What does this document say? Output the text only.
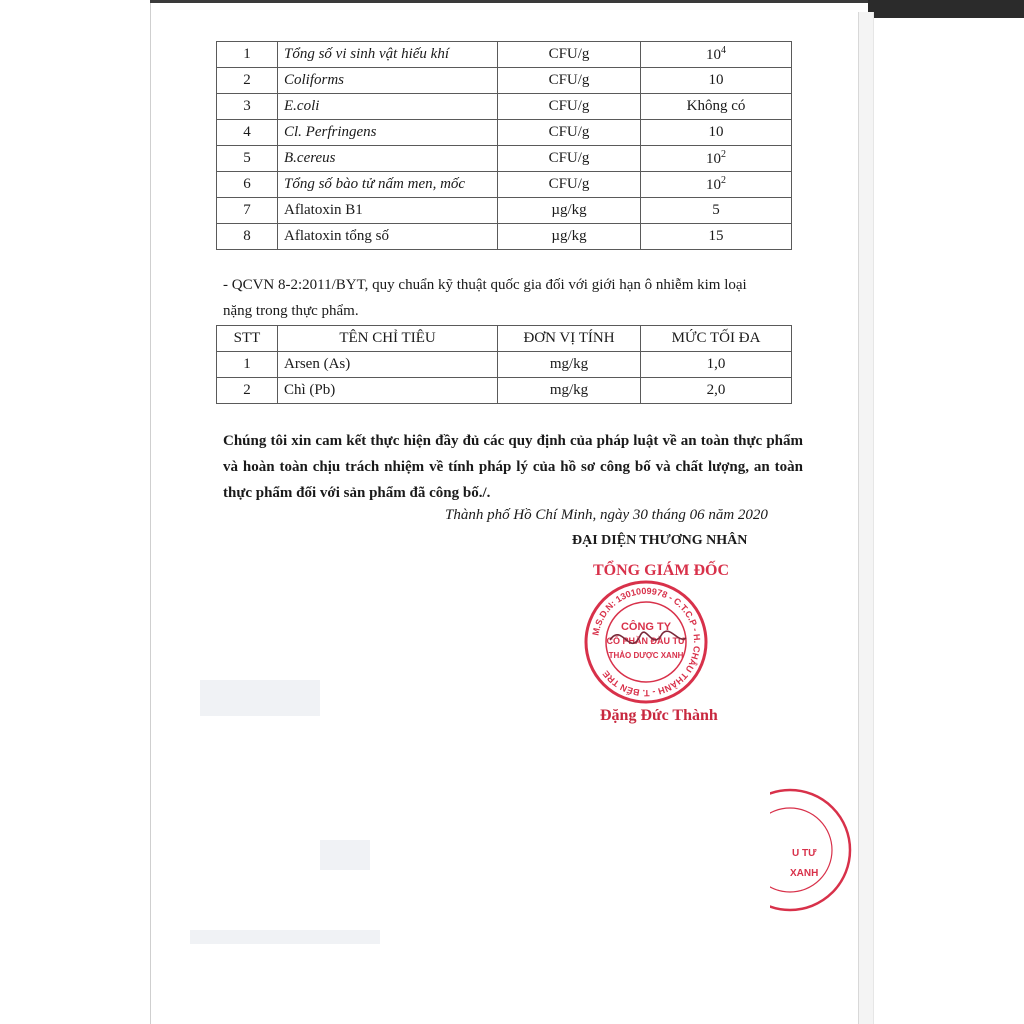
1	Tổng số vi sinh vật hiếu khí	CFU/g	$10^4$
2	Coliforms	CFU/g	10
3	E.coli	CFU/g	Không có
4	Cl. Perfringens	CFU/g	10
5	B.cereus	CFU/g	$10^2$
6	Tổng số bào tử nấm men, mốc	CFU/g	$10^2$
7	Aflatoxin B1	µg/kg	5
8	Aflatoxin tổng số	µg/kg	15
- QCVN 8-2:2011/BYT, quy chuẩn kỹ thuật quốc gia đối với giới hạn ô nhiễm kim loại
nặng trong thực phẩm.
STT	TÊN CHỈ TIÊU	ĐƠN VỊ TÍNH	MỨC TỐI ĐA
1	Arsen (As)	mg/kg	1,0
2	Chì (Pb)	mg/kg	2,0
Chúng tôi xin cam kết thực hiện đầy đủ các quy định của pháp luật về an toàn thực phẩm và hoàn toàn chịu trách nhiệm về tính pháp lý của hồ sơ công bố và chất lượng, an toàn thực phẩm đối với sản phẩm đã công bố./.
Thành phố Hồ Chí Minh, ngày 30 tháng 06 năm 2020
ĐẠI DIỆN THƯƠNG NHÂN
TỔNG GIÁM ĐỐC
M.S.D.N: 1301009978 - C.T.C.P - H. CHÂU THÀNH - T. BẾN TRE
CÔNG TY
CỔ PHẦN ĐẦU TƯ
THẢO DƯỢC XANH
Đặng Đức Thành
U TƯ
XANH
